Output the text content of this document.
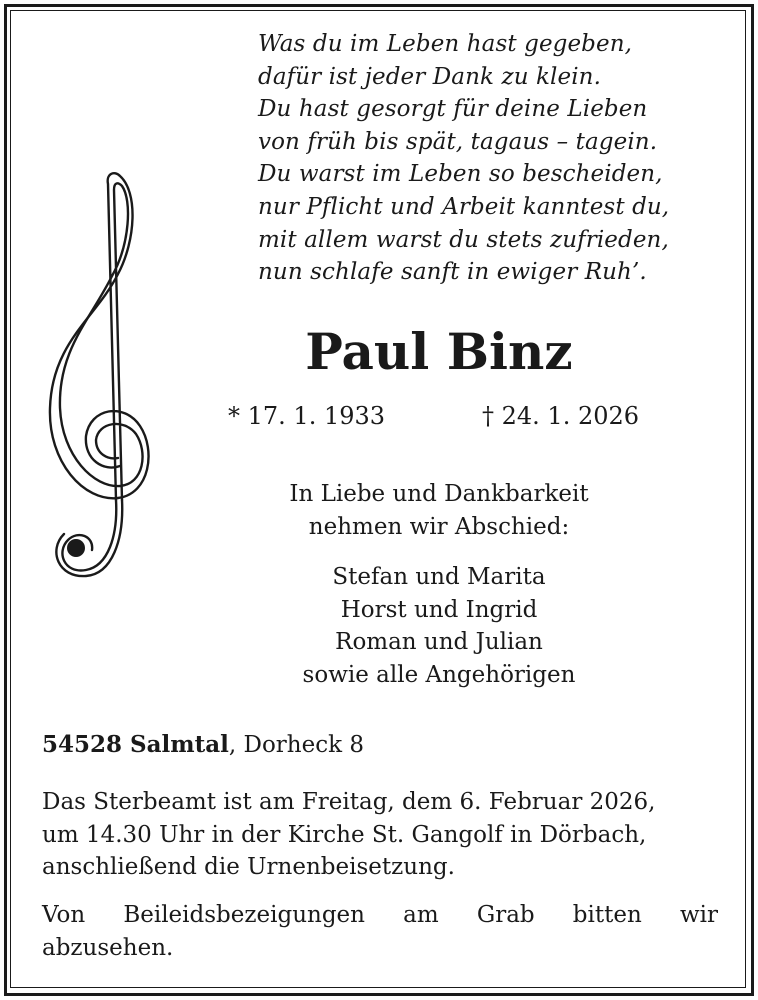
Was du im Leben hast gegeben,
dafür ist jeder Dank zu klein.
Du hast gesorgt für deine Lieben
von früh bis spät, tagaus – tagein.
Du warst im Leben so bescheiden,
nur Pflicht und Arbeit kanntest du,
mit allem warst du stets zufrieden,
nun schlafe sanft in ewiger Ruh’.
Paul Binz
* 17. 1. 1933	† 24. 1. 2026
In Liebe und Dankbarkeit
nehmen wir Abschied:
Stefan und Marita
Horst und Ingrid
Roman und Julian
sowie alle Angehörigen
54528 Salmtal, Dorheck 8
Das Sterbeamt ist am Freitag, dem 6. Februar 2026,
um 14.30 Uhr in der Kirche St. Gangolf in Dörbach,
anschließend die Urnenbeisetzung.
Von Beileidsbezeigungen am Grab bitten wir
abzusehen.
